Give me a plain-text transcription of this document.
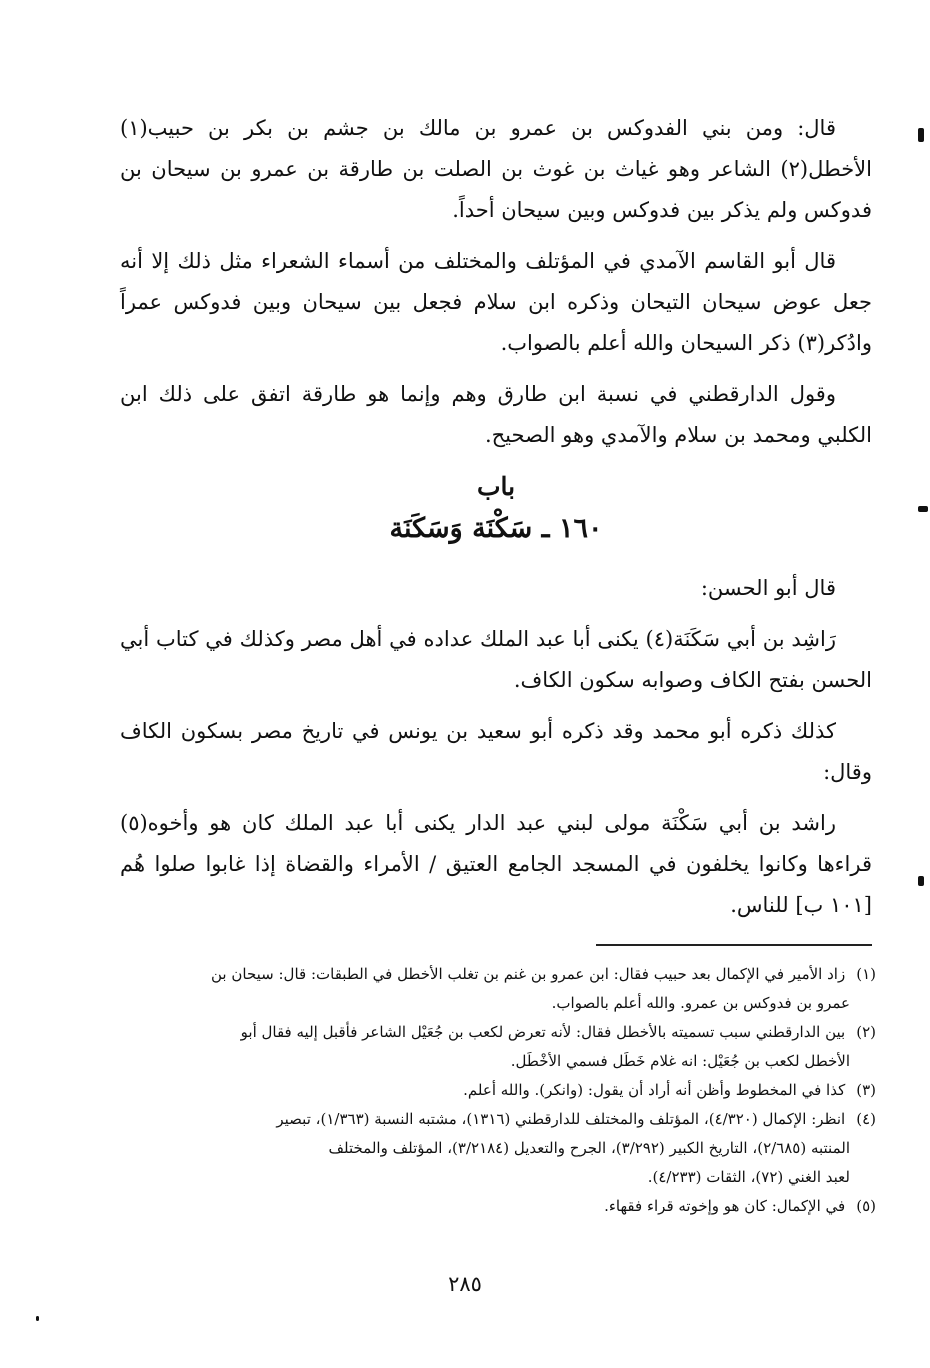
قال: ومن بني الفدوكس بن عمرو بن مالك بن جشم بن بكر بن حبيب(١) الأخطل(٢) الشاعر وهو غياث بن غوث بن الصلت بن طارقة بن عمرو بن سيحان بن فدوكس ولم يذكر بين فدوكس وبين سيحان أحداً.

قال أبو القاسم الآمدي في المؤتلف والمختلف من أسماء الشعراء مثل ذلك إلا أنه جعل عوض سيحان التيحان وذكره ابن سلام فجعل بين سيحان وبين فدوكس عمراً وادُكر(٣) ذكر السيحان والله أعلم بالصواب.

وقول الدارقطني في نسبة ابن طارق وهم وإنما هو طارقة اتفق على ذلك ابن الكلبي ومحمد بن سلام والآمدي وهو الصحيح.

باب
١٦٠ ـ سَكْنَة وَسَكَنَة

قال أبو الحسن:

رَاشِد بن أبي سَكَنَة(٤) يكنى أبا عبد الملك عداده في أهل مصر وكذلك في كتاب أبي الحسن بفتح الكاف وصوابه سكون الكاف.

كذلك ذكره أبو محمد وقد ذكره أبو سعيد بن يونس في تاريخ مصر بسكون الكاف وقال:

راشد بن أبي سَكْنَة مولى لبني عبد الدار يكنى أبا عبد الملك كان هو وأخوه(٥) قراءها وكانوا يخلفون في المسجد الجامع العتيق / الأمراء والقضاة إذا غابوا صلوا هُم [١٠١ ب] للناس.

(١) زاد الأمير في الإكمال بعد حبيب فقال: ابن عمرو بن غنم بن تغلب الأخطل في الطبقات: قال: سيحان بن

عمرو بن فدوكس بن عمرو. والله أعلم بالصواب.

(٢) بين الدارقطني سبب تسميته بالأخطل فقال: لأنه تعرض لكعب بن جُعَيْل الشاعر فأقبل إليه فقال أبو

الأخطل لكعب بن جُعَيْل: انه غلام خَطَل فسمي الأخْطَل.

(٣) كذا في المخطوط وأظن أنه أراد أن يقول: (وانكر). والله أعلم.

(٤) انظر: الإكمال (٤/٣٢٠)، المؤتلف والمختلف للدارقطني (١٣١٦)، مشتبه النسبة (١/٣٦٣)، تبصير

المنتبه (٢/٦٨٥)، التاريخ الكبير (٣/٢٩٢)، الجرح والتعديل (٣/٢١٨٤)، المؤتلف والمختلف

لعبد الغني (٧٢)، الثقات (٤/٢٣٣).

(٥) في الإكمال: كان هو وإخوته قراء فقهاء.

٢٨٥
